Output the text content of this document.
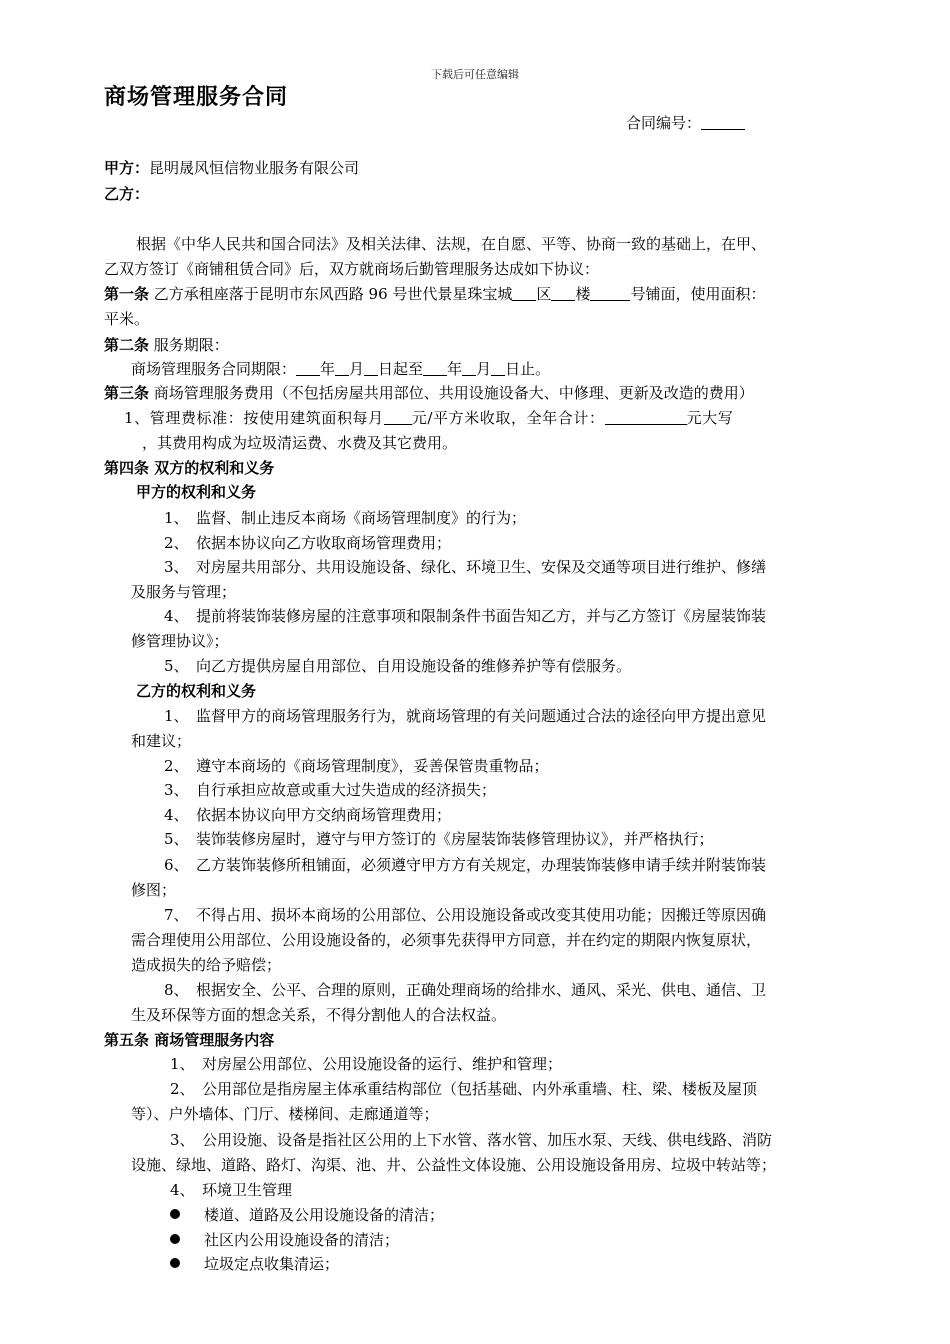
下载后可任意编辑
商场管理服务合同
合同编号：
甲方：昆明晟风恒信物业服务有限公司
乙方：
根据《中华人民共和国合同法》及相关法律、法规，在自愿、平等、协商一致的基础上，在甲、
乙双方签订《商铺租赁合同》后，双方就商场后勤管理服务达成如下协议：
第一条 乙方承租座落于昆明市东风西路 96 号世代景星珠宝城 区 楼	号铺面，使用面积：
平米。
第二条 服务期限：
商场管理服务合同期限： 年 月 日起至 年 月 日止。
第三条 商场管理服务费用（不包括房屋共用部位、共用设施设备大、中修理、更新及改造的费用）
1、管理费标准：按使用建筑面积每月 元/平方米收取，全年合计：	元大写
，其费用构成为垃圾清运费、水费及其它费用。
第四条 双方的权利和义务
甲方的权利和义务
1、　监督、制止违反本商场《商场管理制度》的行为；
2、　依据本协议向乙方收取商场管理费用；
3、　对房屋共用部分、共用设施设备、绿化、环境卫生、安保及交通等项目进行维护、修缮
及服务与管理；
4、　提前将装饰装修房屋的注意事项和限制条件书面告知乙方，并与乙方签订《房屋装饰装
修管理协议》；
5、　向乙方提供房屋自用部位、自用设施设备的维修养护等有偿服务。
乙方的权利和义务
1、　监督甲方的商场管理服务行为，就商场管理的有关问题通过合法的途径向甲方提出意见
和建议；
2、　遵守本商场的《商场管理制度》，妥善保管贵重物品；
3、　自行承担应故意或重大过失造成的经济损失；
4、　依据本协议向甲方交纳商场管理费用；
5、　装饰装修房屋时，遵守与甲方签订的《房屋装饰装修管理协议》，并严格执行；
6、　乙方装饰装修所租铺面，必须遵守甲方方有关规定，办理装饰装修申请手续并附装饰装
修图；
7、　不得占用、损坏本商场的公用部位、公用设施设备或改变其使用功能；因搬迁等原因确
需合理使用公用部位、公用设施设备的，必须事先获得甲方同意，并在约定的期限内恢复原状，
造成损失的给予赔偿；
8、　根据安全、公平、合理的原则，正确处理商场的给排水、通风、采光、供电、通信、卫
生及环保等方面的想念关系，不得分割他人的合法权益。
第五条 商场管理服务内容
1、　对房屋公用部位、公用设施设备的运行、维护和管理；
2、　公用部位是指房屋主体承重结构部位（包括基础、内外承重墙、柱、梁、楼板及屋顶
等）、户外墙体、门厅、楼梯间、走廊通道等；
3、　公用设施、设备是指社区公用的上下水管、落水管、加压水泵、天线、供电线路、消防
设施、绿地、道路、路灯、沟渠、池、井、公益性文体设施、公用设施设备用房、垃圾中转站等；
4、　环境卫生管理
楼道、道路及公用设施设备的清洁；
社区内公用设施设备的清洁；
垃圾定点收集清运；
